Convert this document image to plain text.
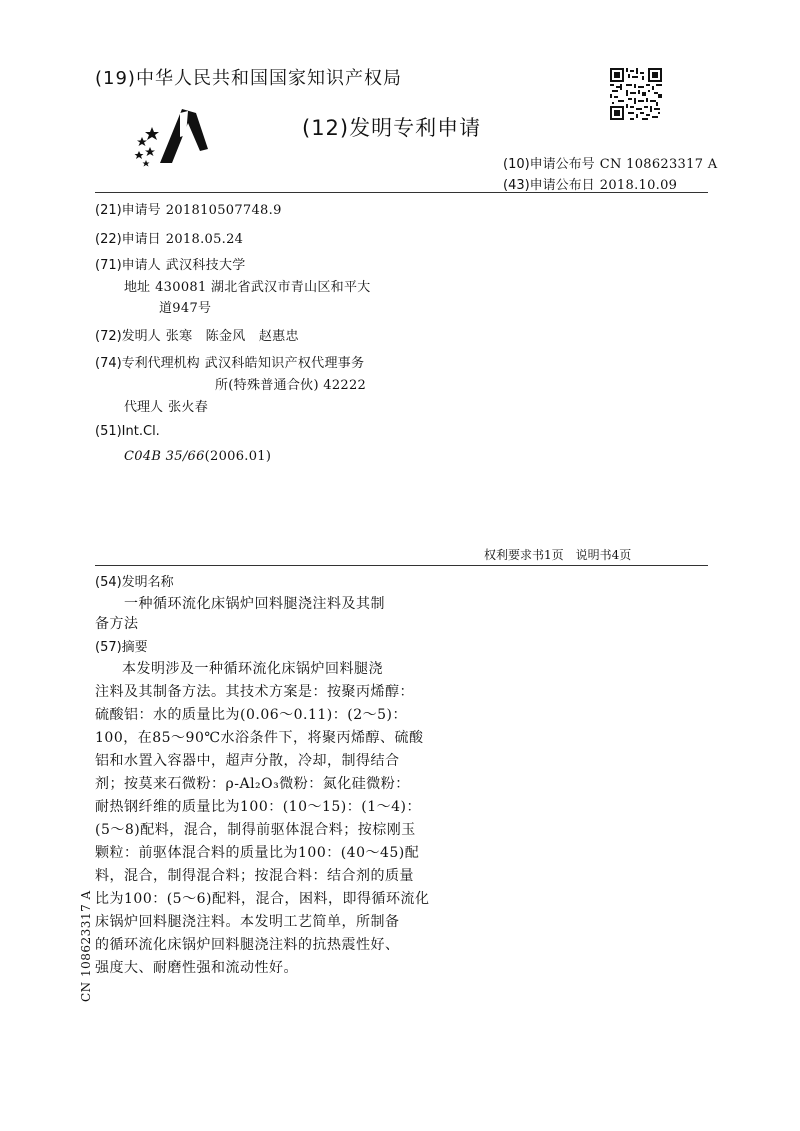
(19)中华人民共和国国家知识产权局
(12)发明专利申请
(10)申请公布号 CN 108623317 A
(43)申请公布日 2018.10.09
(21)申请号 201810507748.9
(22)申请日 2018.05.24
(71)申请人 武汉科技大学
地址 430081 湖北省武汉市青山区和平大
道947号
(72)发明人 张寒　陈金风　赵惠忠
(74)专利代理机构 武汉科皓知识产权代理事务
所(特殊普通合伙) 42222
代理人 张火春
(51)Int.Cl.
C04B 35/66(2006.01)
权利要求书1页　说明书4页
(54)发明名称
一种循环流化床锅炉回料腿浇注料及其制
备方法
(57)摘要
本发明涉及一种循环流化床锅炉回料腿浇
注料及其制备方法。其技术方案是：按聚丙烯醇：
硫酸铝：水的质量比为(0.06～0.11)：(2～5)：
100，在85～90℃水浴条件下，将聚丙烯醇、硫酸
铝和水置入容器中，超声分散，冷却，制得结合
剂；按莫来石微粉：ρ-Al₂O₃微粉：氮化硅微粉：
耐热钢纤维的质量比为100：(10～15)：(1～4)：
(5～8)配料，混合，制得前驱体混合料；按棕刚玉
颗粒：前驱体混合料的质量比为100：(40～45)配
料，混合，制得混合料；按混合料：结合剂的质量
比为100：(5～6)配料，混合，困料，即得循环流化
床锅炉回料腿浇注料。本发明工艺简单，所制备
的循环流化床锅炉回料腿浇注料的抗热震性好、
强度大、耐磨性强和流动性好。
CN 108623317 A
